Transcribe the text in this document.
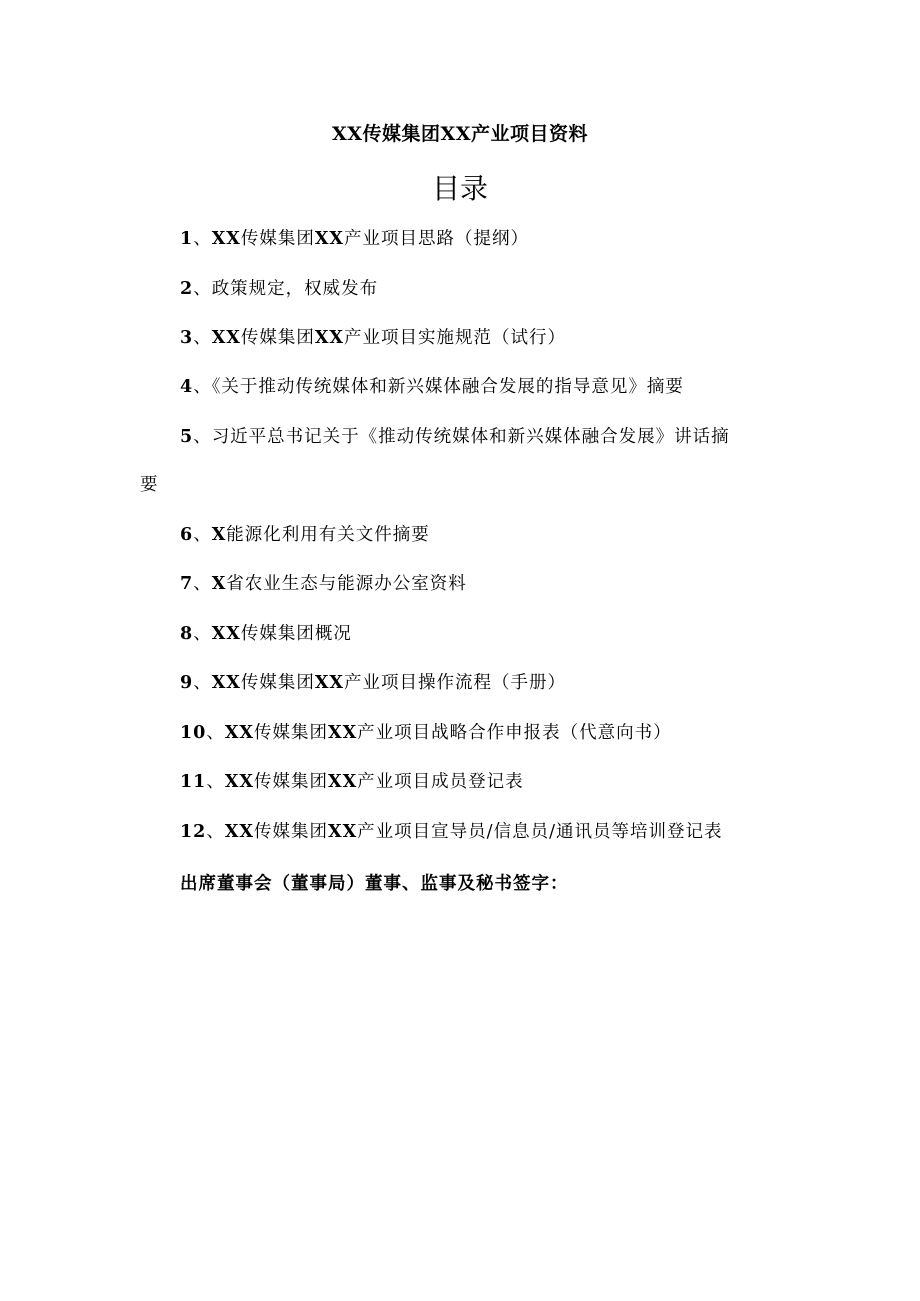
XX传媒集团XX产业项目资料
目录
1、XX传媒集团XX产业项目思路（提纲）
2、政策规定，权威发布
3、XX传媒集团XX产业项目实施规范（试行）
4、《关于推动传统媒体和新兴媒体融合发展的指导意见》摘要
5、习近平总书记关于《推动传统媒体和新兴媒体融合发展》讲话摘
要
6、X能源化利用有关文件摘要
7、X省农业生态与能源办公室资料
8、XX传媒集团概况
9、XX传媒集团XX产业项目操作流程（手册）
10、XX传媒集团XX产业项目战略合作申报表（代意向书）
11、XX传媒集团XX产业项目成员登记表
12、XX传媒集团XX产业项目宣导员/信息员/通讯员等培训登记表
出席董事会（董事局）董事、监事及秘书签字：
